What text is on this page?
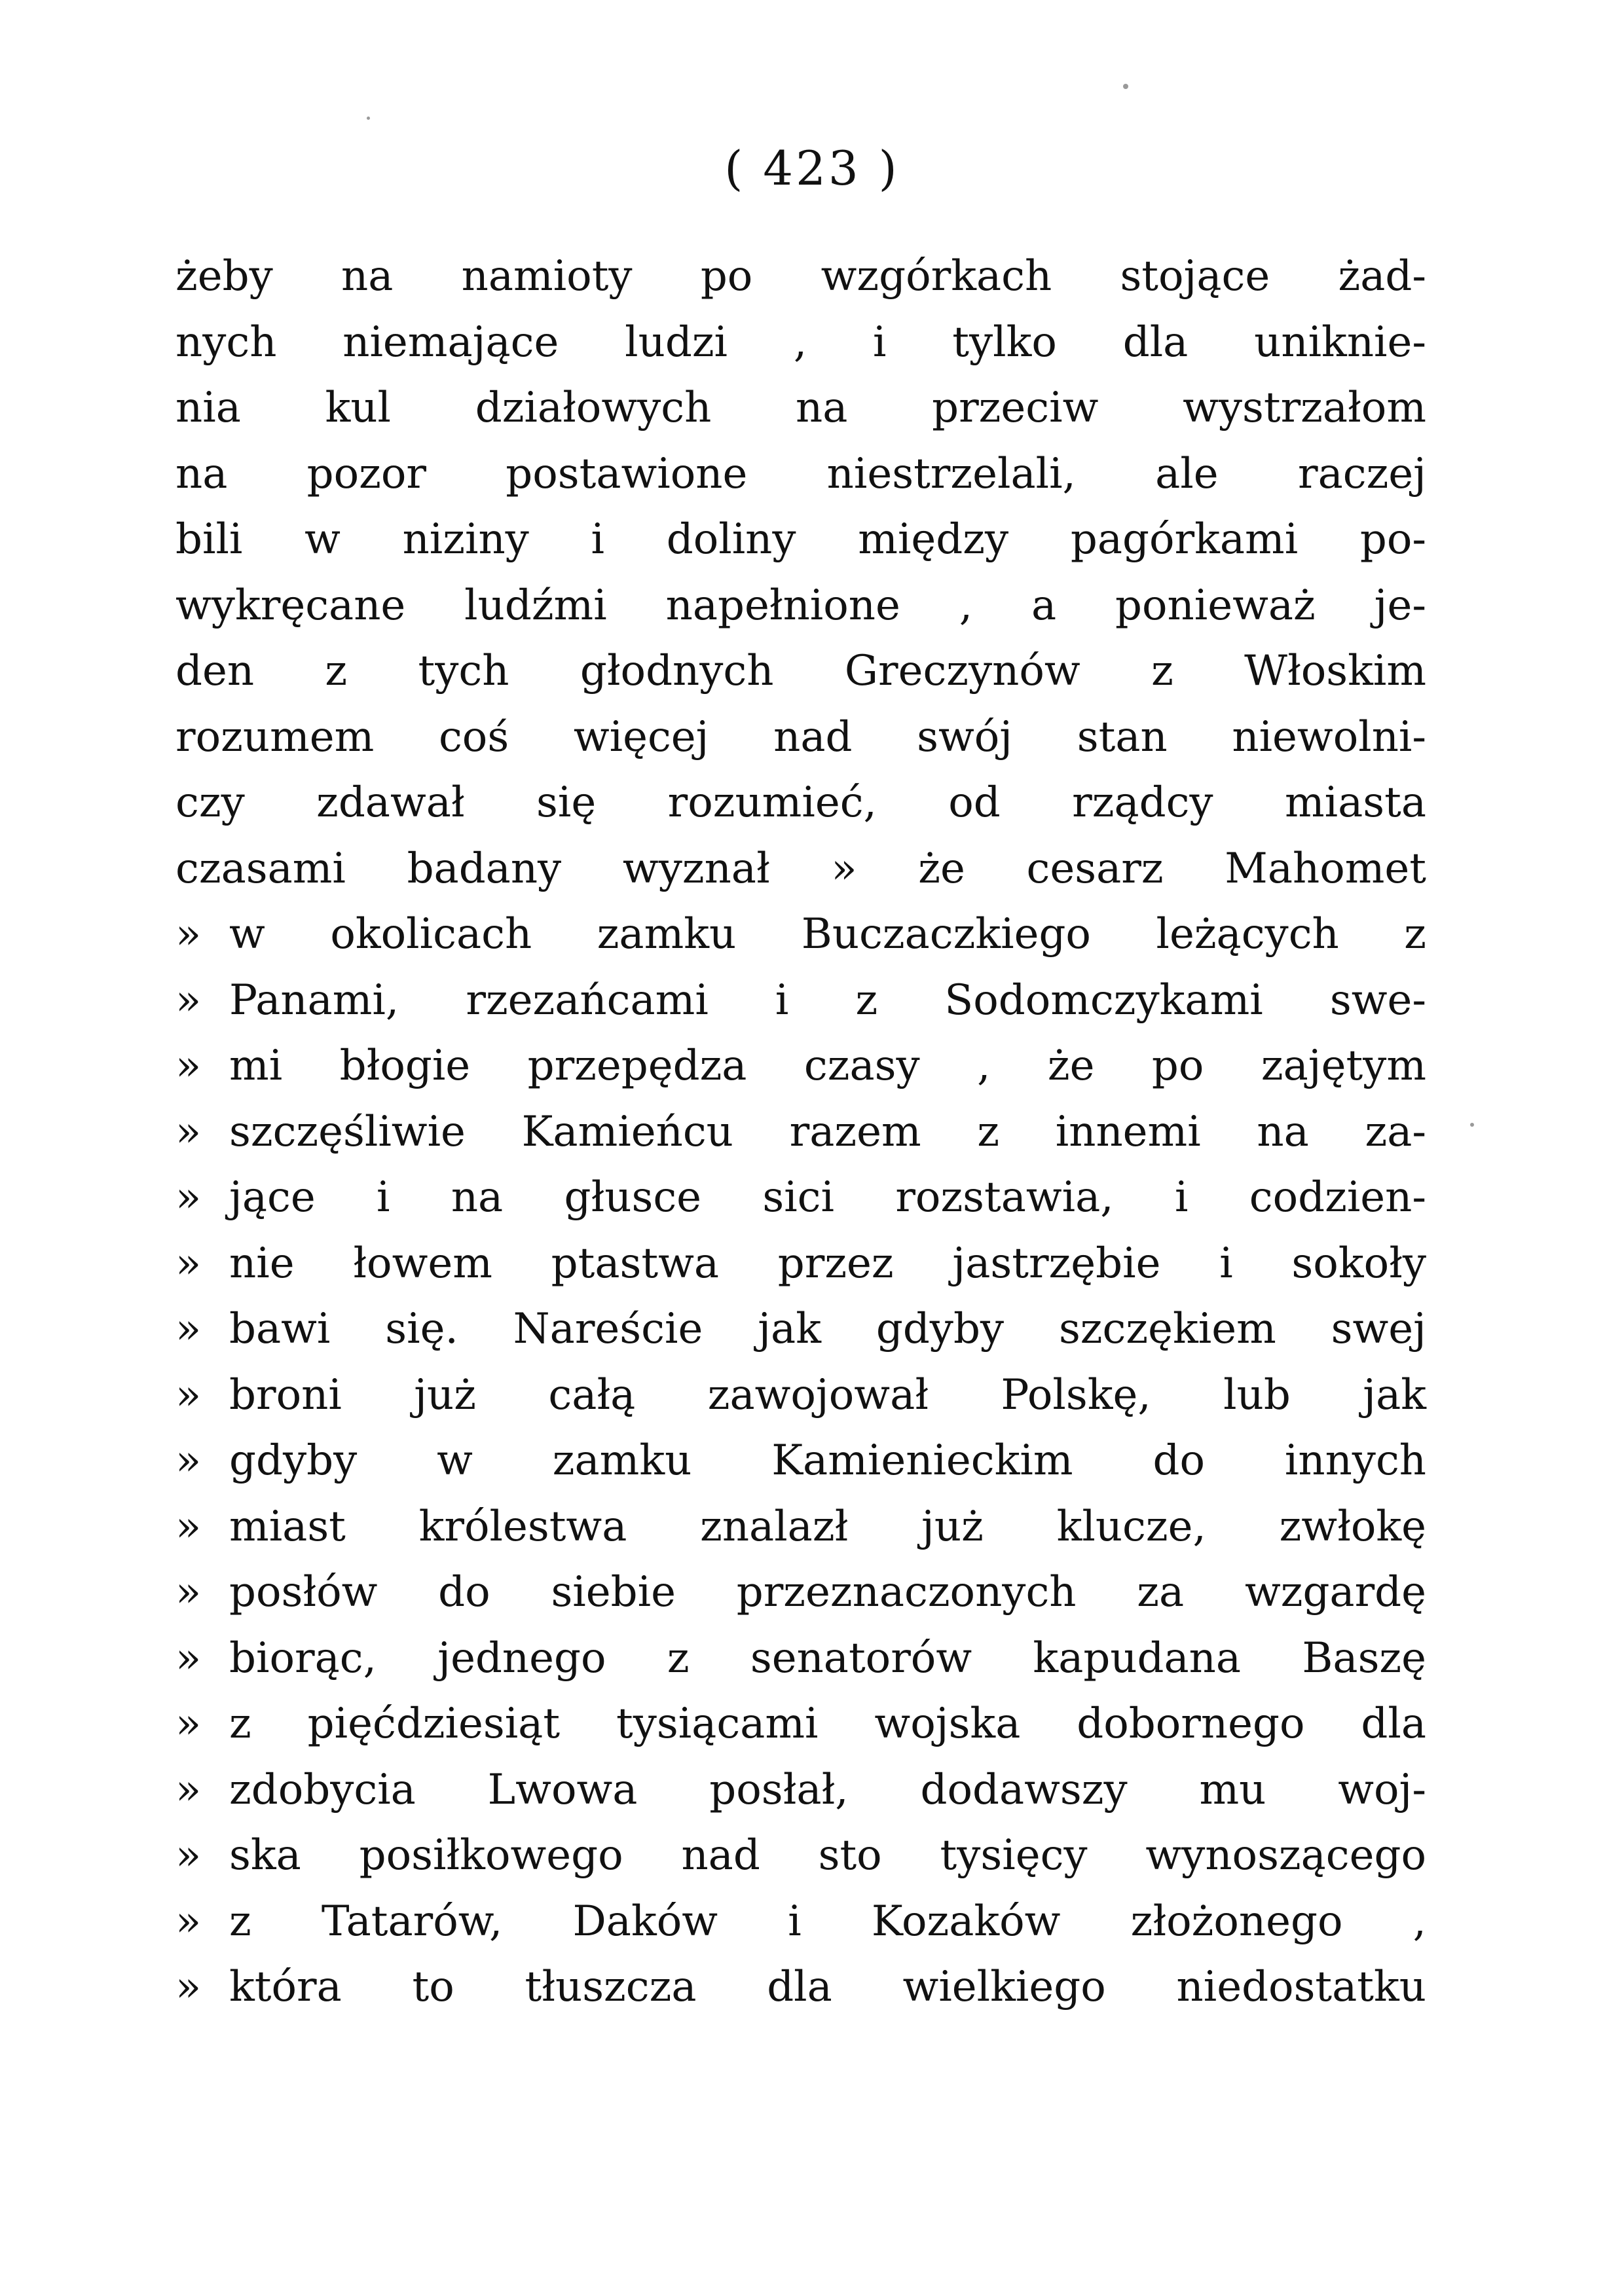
( 423 )
żeby na namioty po wzgórkach stojące żad-
nych niemające ludzi , i tylko dla uniknie-
nia kul działowych na przeciw wystrzałom
na pozor postawione niestrzelali, ale raczej
bili w niziny i doliny między pagórkami po-
wykręcane ludźmi napełnione , a ponieważ je-
den z tych głodnych Greczynów z Włoskim
rozumem coś więcej nad swój stan niewolni-
czy zdawał się rozumieć, od rządcy miasta
czasami badany wyznał » że cesarz Mahomet
» w okolicach zamku Buczaczkiego leżących z
» Panami, rzezańcami i z Sodomczykami swe-
» mi błogie przepędza czasy , że po zajętym
» szczęśliwie Kamieńcu razem z innemi na za-
» jące i na głusce sici rozstawia, i codzien-
» nie łowem ptastwa przez jastrzębie i sokoły
» bawi się. Nareście jak gdyby szczękiem swej
» broni już całą zawojował Polskę, lub jak
» gdyby w zamku Kamienieckim do innych
» miast królestwa znalazł już klucze, zwłokę
» posłów do siebie przeznaczonych za wzgardę
» biorąc, jednego z senatorów kapudana Baszę
» z pięćdziesiąt tysiącami wojska dobornego dla
» zdobycia Lwowa posłał, dodawszy mu woj-
» ska posiłkowego nad sto tysięcy wynoszącego
» z Tatarów, Daków i Kozaków złożonego ,
» która to tłuszcza dla wielkiego niedostatku
